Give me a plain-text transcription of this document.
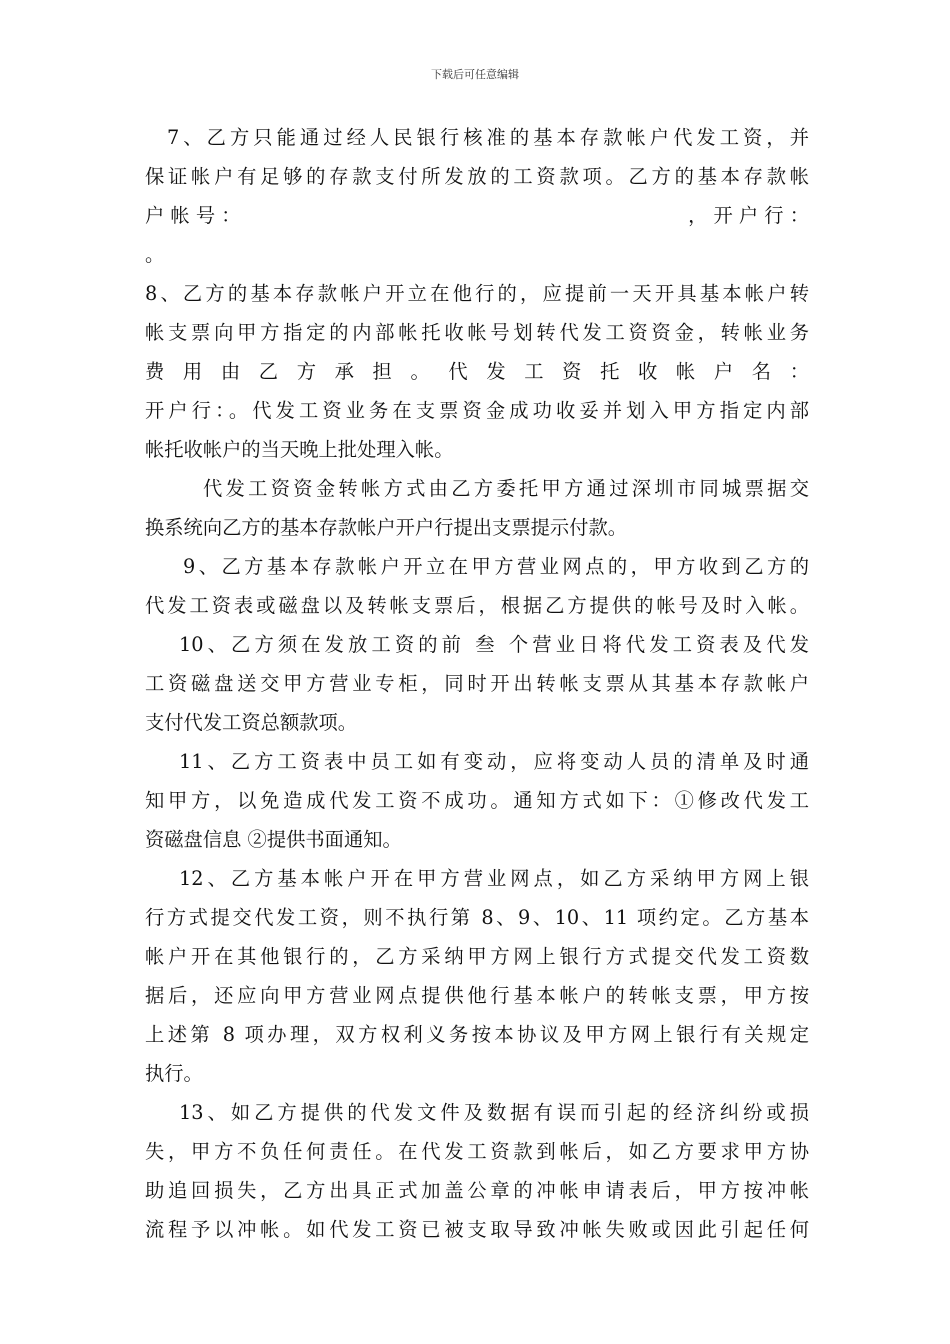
下载后可任意编辑
7、乙方只能通过经人民银行核准的基本存款帐户代发工资，并
保证帐户有足够的存款支付所发放的工资款项。乙方的基本存款帐
户 帐 号 ：	， 开 户 行 ：
。
8、乙方的基本存款帐户开立在他行的，应提前一天开具基本帐户转
帐支票向甲方指定的内部帐托收帐号划转代发工资资金，转帐业务
费 用 由 乙 方 承 担 。 代 发 工 资 托 收 帐 户 名 ：
开户行：。代发工资业务在支票资金成功收妥并划入甲方指定内部
帐托收帐户的当天晚上批处理入帐。
代发工资资金转帐方式由乙方委托甲方通过深圳市同城票据交
换系统向乙方的基本存款帐户开户行提出支票提示付款。
9、乙方基本存款帐户开立在甲方营业网点的，甲方收到乙方的
代发工资表或磁盘以及转帐支票后，根据乙方提供的帐号及时入帐。
10、乙方须在发放工资的前 叁 个营业日将代发工资表及代发
工资磁盘送交甲方营业专柜，同时开出转帐支票从其基本存款帐户
支付代发工资总额款项。
11、乙方工资表中员工如有变动，应将变动人员的清单及时通
知甲方，以免造成代发工资不成功。通知方式如下：①修改代发工
资磁盘信息 ②提供书面通知。
12、乙方基本帐户开在甲方营业网点，如乙方采纳甲方网上银
行方式提交代发工资，则不执行第 8、9、10、11 项约定。乙方基本
帐户开在其他银行的，乙方采纳甲方网上银行方式提交代发工资数
据后，还应向甲方营业网点提供他行基本帐户的转帐支票，甲方按
上述第 8 项办理，双方权利义务按本协议及甲方网上银行有关规定
执行。
13、如乙方提供的代发文件及数据有误而引起的经济纠纷或损
失，甲方不负任何责任。在代发工资款到帐后，如乙方要求甲方协
助追回损失，乙方出具正式加盖公章的冲帐申请表后，甲方按冲帐
流程予以冲帐。如代发工资已被支取导致冲帐失败或因此引起任何
